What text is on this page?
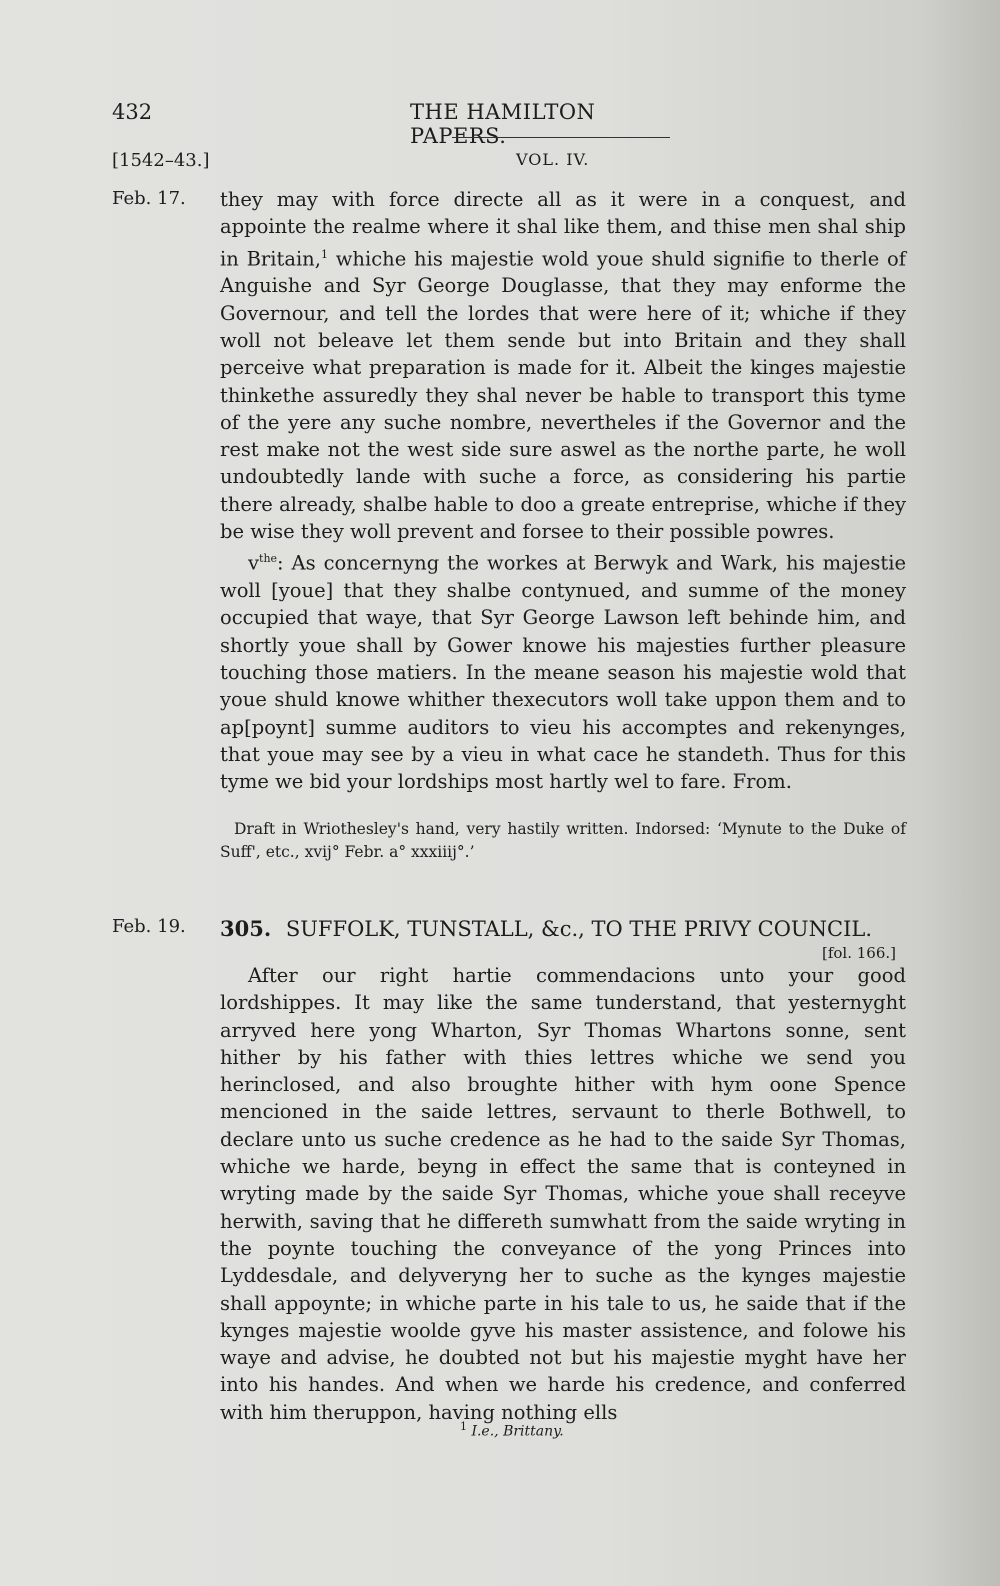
432	THE HAMILTON PAPERS.
[1542–43.]	VOL. IV.
Feb. 17. they may with force directe all as it were in a conquest, and appointe the realme where it shal like them, and thise men shal ship in Britain,$^1$ whiche his majestie wold youe shuld signifie to therle of Anguishe and Syr George Douglasse, that they may enforme the Governour, and tell the lordes that were here of it; whiche if they woll not beleave let them sende but into Britain and they shall perceive what preparation is made for it. Albeit the kinges majestie thinkethe assuredly they shal never be hable to transport this tyme of the yere any suche nombre, nevertheles if the Governor and the rest make not the west side sure aswel as the northe parte, he woll undoubtedly lande with suche a force, as considering his partie there already, shalbe hable to doo a greate entreprise, whiche if they be wise they woll prevent and forsee to their possible powres.

$v^{the}$: As concernyng the workes at Berwyk and Wark, his majestie woll [youe] that they shalbe contynued, and summe of the money occupied that waye, that Syr George Lawson left behinde him, and shortly youe shall by Gower knowe his majesties further pleasure touching those matiers. In the meane season his majestie wold that youe shuld knowe whither thexecutors woll take uppon them and to ap[poynt] summe auditors to vieu his accomptes and rekenynges, that youe may see by a vieu in what cace he standeth. Thus for this tyme we bid your lordships most hartly wel to fare. From.

Draft in Wriothesley's hand, very hastily written. Indorsed: ‘Mynute to the Duke of Suff', etc., xvij° Febr. a° xxxiiij°.’

Feb. 19. 305. SUFFOLK, TUNSTALL, &c., TO THE PRIVY COUNCIL.
[fol. 166.]

After our right hartie commendacions unto your good lordshippes. It may like the same tunderstand, that yesternyght arryved here yong Wharton, Syr Thomas Whartons sonne, sent hither by his father with thies lettres whiche we send you herinclosed, and also broughte hither with hym oone Spence mencioned in the saide lettres, servaunt to therle Bothwell, to declare unto us suche credence as he had to the saide Syr Thomas, whiche we harde, beyng in effect the same that is conteyned in wryting made by the saide Syr Thomas, whiche youe shall receyve herwith, saving that he differeth sumwhatt from the saide wryting in the poynte touching the conveyance of the yong Princes into Lyddesdale, and delyveryng her to suche as the kynges majestie shall appoynte; in whiche parte in his tale to us, he saide that if the kynges majestie woolde gyve his master assistence, and folowe his waye and advise, he doubted not but his majestie myght have her into his handes. And when we harde his credence, and conferred with him theruppon, having nothing ells

$^1$ I.e., Brittany.
